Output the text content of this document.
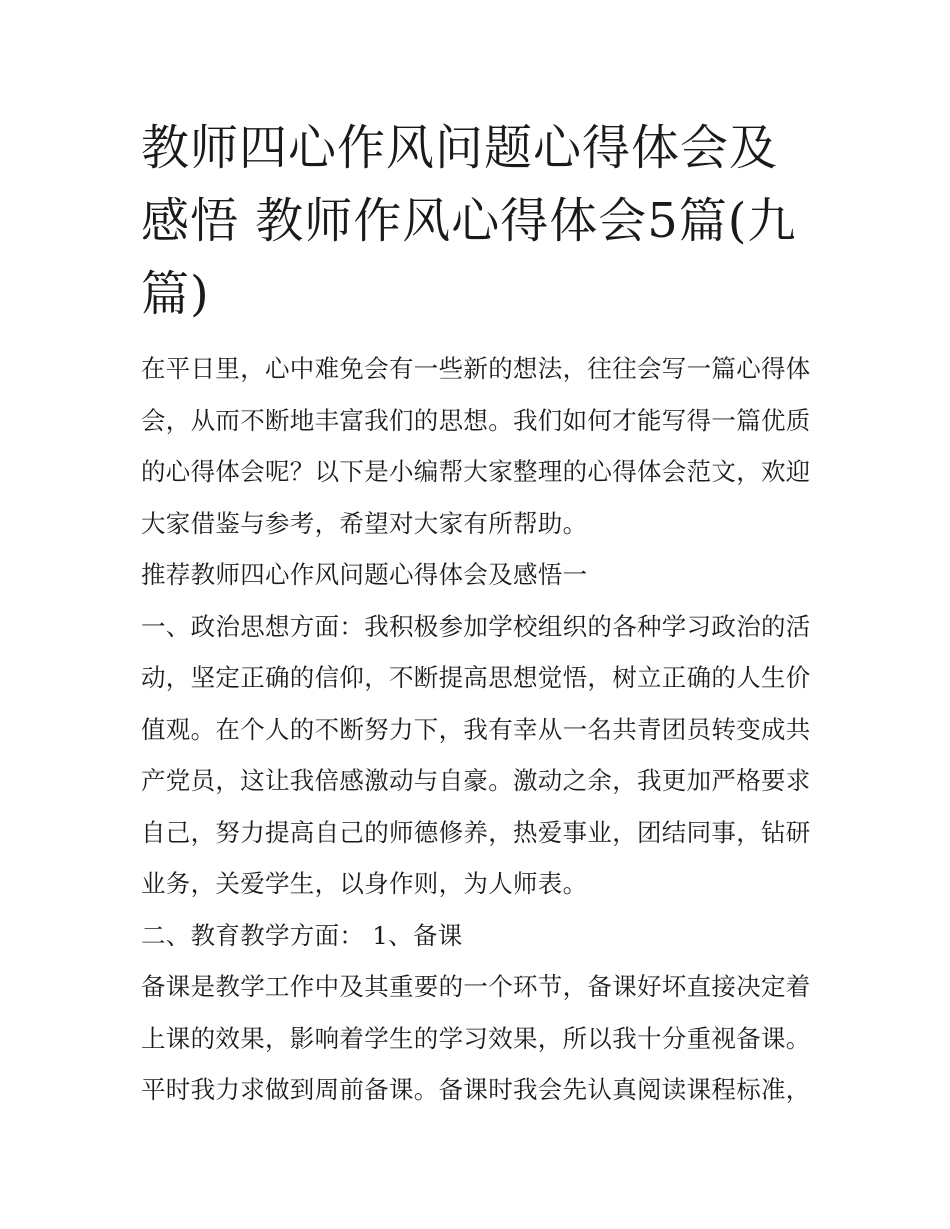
教师四心作风问题心得体会及感悟 教师作风心得体会5篇(九篇)

在平日里，心中难免会有一些新的想法，往往会写一篇心得体会，从而不断地丰富我们的思想。我们如何才能写得一篇优质的心得体会呢？以下是小编帮大家整理的心得体会范文，欢迎大家借鉴与参考，希望对大家有所帮助。

推荐教师四心作风问题心得体会及感悟一

一、政治思想方面：我积极参加学校组织的各种学习政治的活动，坚定正确的信仰，不断提高思想觉悟，树立正确的人生价值观。在个人的不断努力下，我有幸从一名共青团员转变成共产党员，这让我倍感激动与自豪。激动之余，我更加严格要求自己，努力提高自己的师德修养，热爱事业，团结同事，钻研业务，关爱学生，以身作则，为人师表。

二、教育教学方面： 1、备课

备课是教学工作中及其重要的一个环节，备课好坏直接决定着上课的效果，影响着学生的学习效果，所以我十分重视备课。平时我力求做到周前备课。备课时我会先认真阅读课程标准，
